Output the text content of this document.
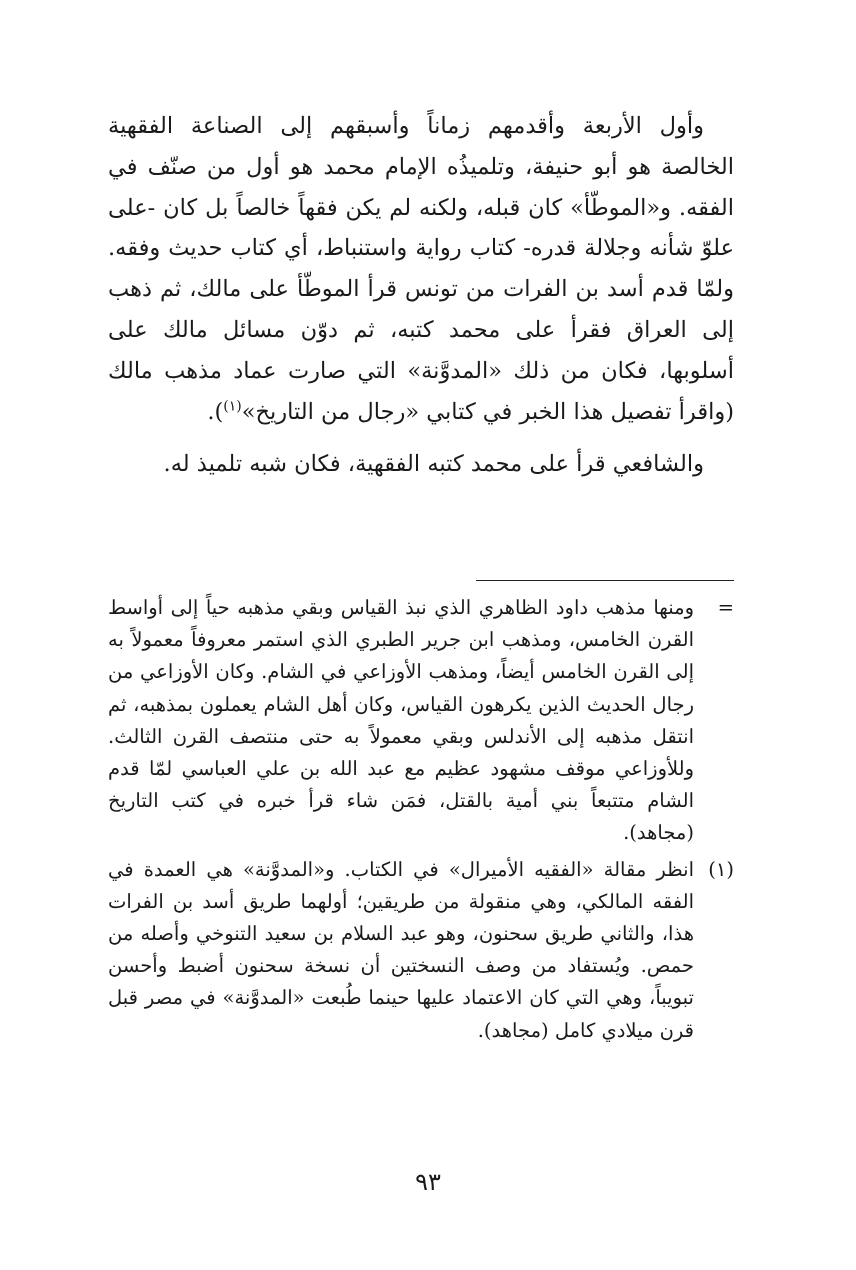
وأول الأربعة وأقدمهم زماناً وأسبقهم إلى الصناعة الفقهية الخالصة هو أبو حنيفة، وتلميذُه الإمام محمد هو أول من صنّف في الفقه. و«الموطّأ» كان قبله، ولكنه لم يكن فقهاً خالصاً بل كان -على علوّ شأنه وجلالة قدره- كتاب رواية واستنباط، أي كتاب حديث وفقه. ولمّا قدم أسد بن الفرات من تونس قرأ الموطّأ على مالك، ثم ذهب إلى العراق فقرأ على محمد كتبه، ثم دوّن مسائل مالك على أسلوبها، فكان من ذلك «المدوَّنة» التي صارت عماد مذهب مالك (واقرأ تفصيل هذا الخبر في كتابي «رجال من التاريخ»$^{(١)}$).

والشافعي قرأ على محمد كتبه الفقهية، فكان شبه تلميذ له.

=
ومنها مذهب داود الظاهري الذي نبذ القياس وبقي مذهبه حياً إلى أواسط القرن الخامس، ومذهب ابن جرير الطبري الذي استمر معروفاً معمولاً به إلى القرن الخامس أيضاً، ومذهب الأوزاعي في الشام. وكان الأوزاعي من رجال الحديث الذين يكرهون القياس، وكان أهل الشام يعملون بمذهبه، ثم انتقل مذهبه إلى الأندلس وبقي معمولاً به حتى منتصف القرن الثالث. وللأوزاعي موقف مشهود عظيم مع عبد الله بن علي العباسي لمّا قدم الشام متتبعاً بني أمية بالقتل، فمَن شاء قرأ خبره في كتب التاريخ (مجاهد).
(١)
انظر مقالة «الفقيه الأميرال» في الكتاب. و«المدوَّنة» هي العمدة في الفقه المالكي، وهي منقولة من طريقين؛ أولهما طريق أسد بن الفرات هذا، والثاني طريق سحنون، وهو عبد السلام بن سعيد التنوخي وأصله من حمص. ويُستفاد من وصف النسختين أن نسخة سحنون أضبط وأحسن تبويباً، وهي التي كان الاعتماد عليها حينما طُبعت «المدوَّنة» في مصر قبل قرن ميلادي كامل (مجاهد).
٩٣
